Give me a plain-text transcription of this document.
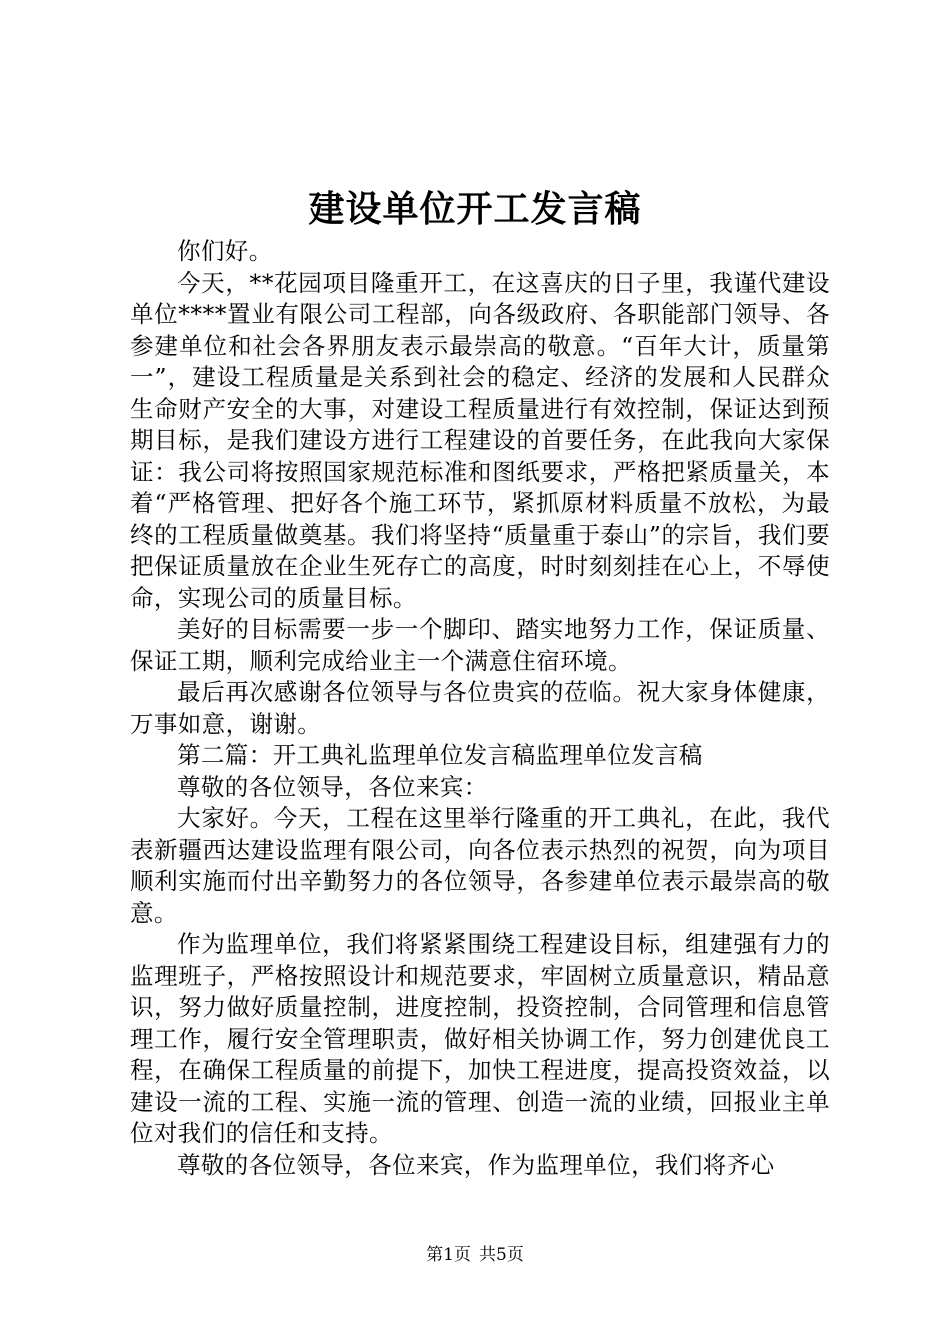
建设单位开工发言稿

你们好。

今天，**花园项目隆重开工，在这喜庆的日子里，我谨代建设单位****置业有限公司工程部，向各级政府、各职能部门领导、各参建单位和社会各界朋友表示最崇高的敬意。“百年大计，质量第一”，建设工程质量是关系到社会的稳定、经济的发展和人民群众生命财产安全的大事，对建设工程质量进行有效控制，保证达到预期目标，是我们建设方进行工程建设的首要任务，在此我向大家保证：我公司将按照国家规范标准和图纸要求，严格把紧质量关，本着“严格管理、把好各个施工环节，紧抓原材料质量不放松，为最终的工程质量做奠基。我们将坚持“质量重于泰山”的宗旨，我们要把保证质量放在企业生死存亡的高度，时时刻刻挂在心上，不辱使命，实现公司的质量目标。

美好的目标需要一步一个脚印、踏实地努力工作，保证质量、保证工期，顺利完成给业主一个满意住宿环境。

最后再次感谢各位领导与各位贵宾的莅临。祝大家身体健康，万事如意，谢谢。

第二篇：开工典礼监理单位发言稿监理单位发言稿

尊敬的各位领导，各位来宾：

大家好。今天，工程在这里举行隆重的开工典礼，在此，我代表新疆西达建设监理有限公司，向各位表示热烈的祝贺，向为项目顺利实施而付出辛勤努力的各位领导，各参建单位表示最崇高的敬意。

作为监理单位，我们将紧紧围绕工程建设目标，组建强有力的监理班子，严格按照设计和规范要求，牢固树立质量意识，精品意识，努力做好质量控制，进度控制，投资控制，合同管理和信息管理工作，履行安全管理职责，做好相关协调工作，努力创建优良工程，在确保工程质量的前提下，加快工程进度，提高投资效益，以建设一流的工程、实施一流的管理、创造一流的业绩，回报业主单位对我们的信任和支持。

尊敬的各位领导，各位来宾，作为监理单位，我们将齐心

第1页 共5页
